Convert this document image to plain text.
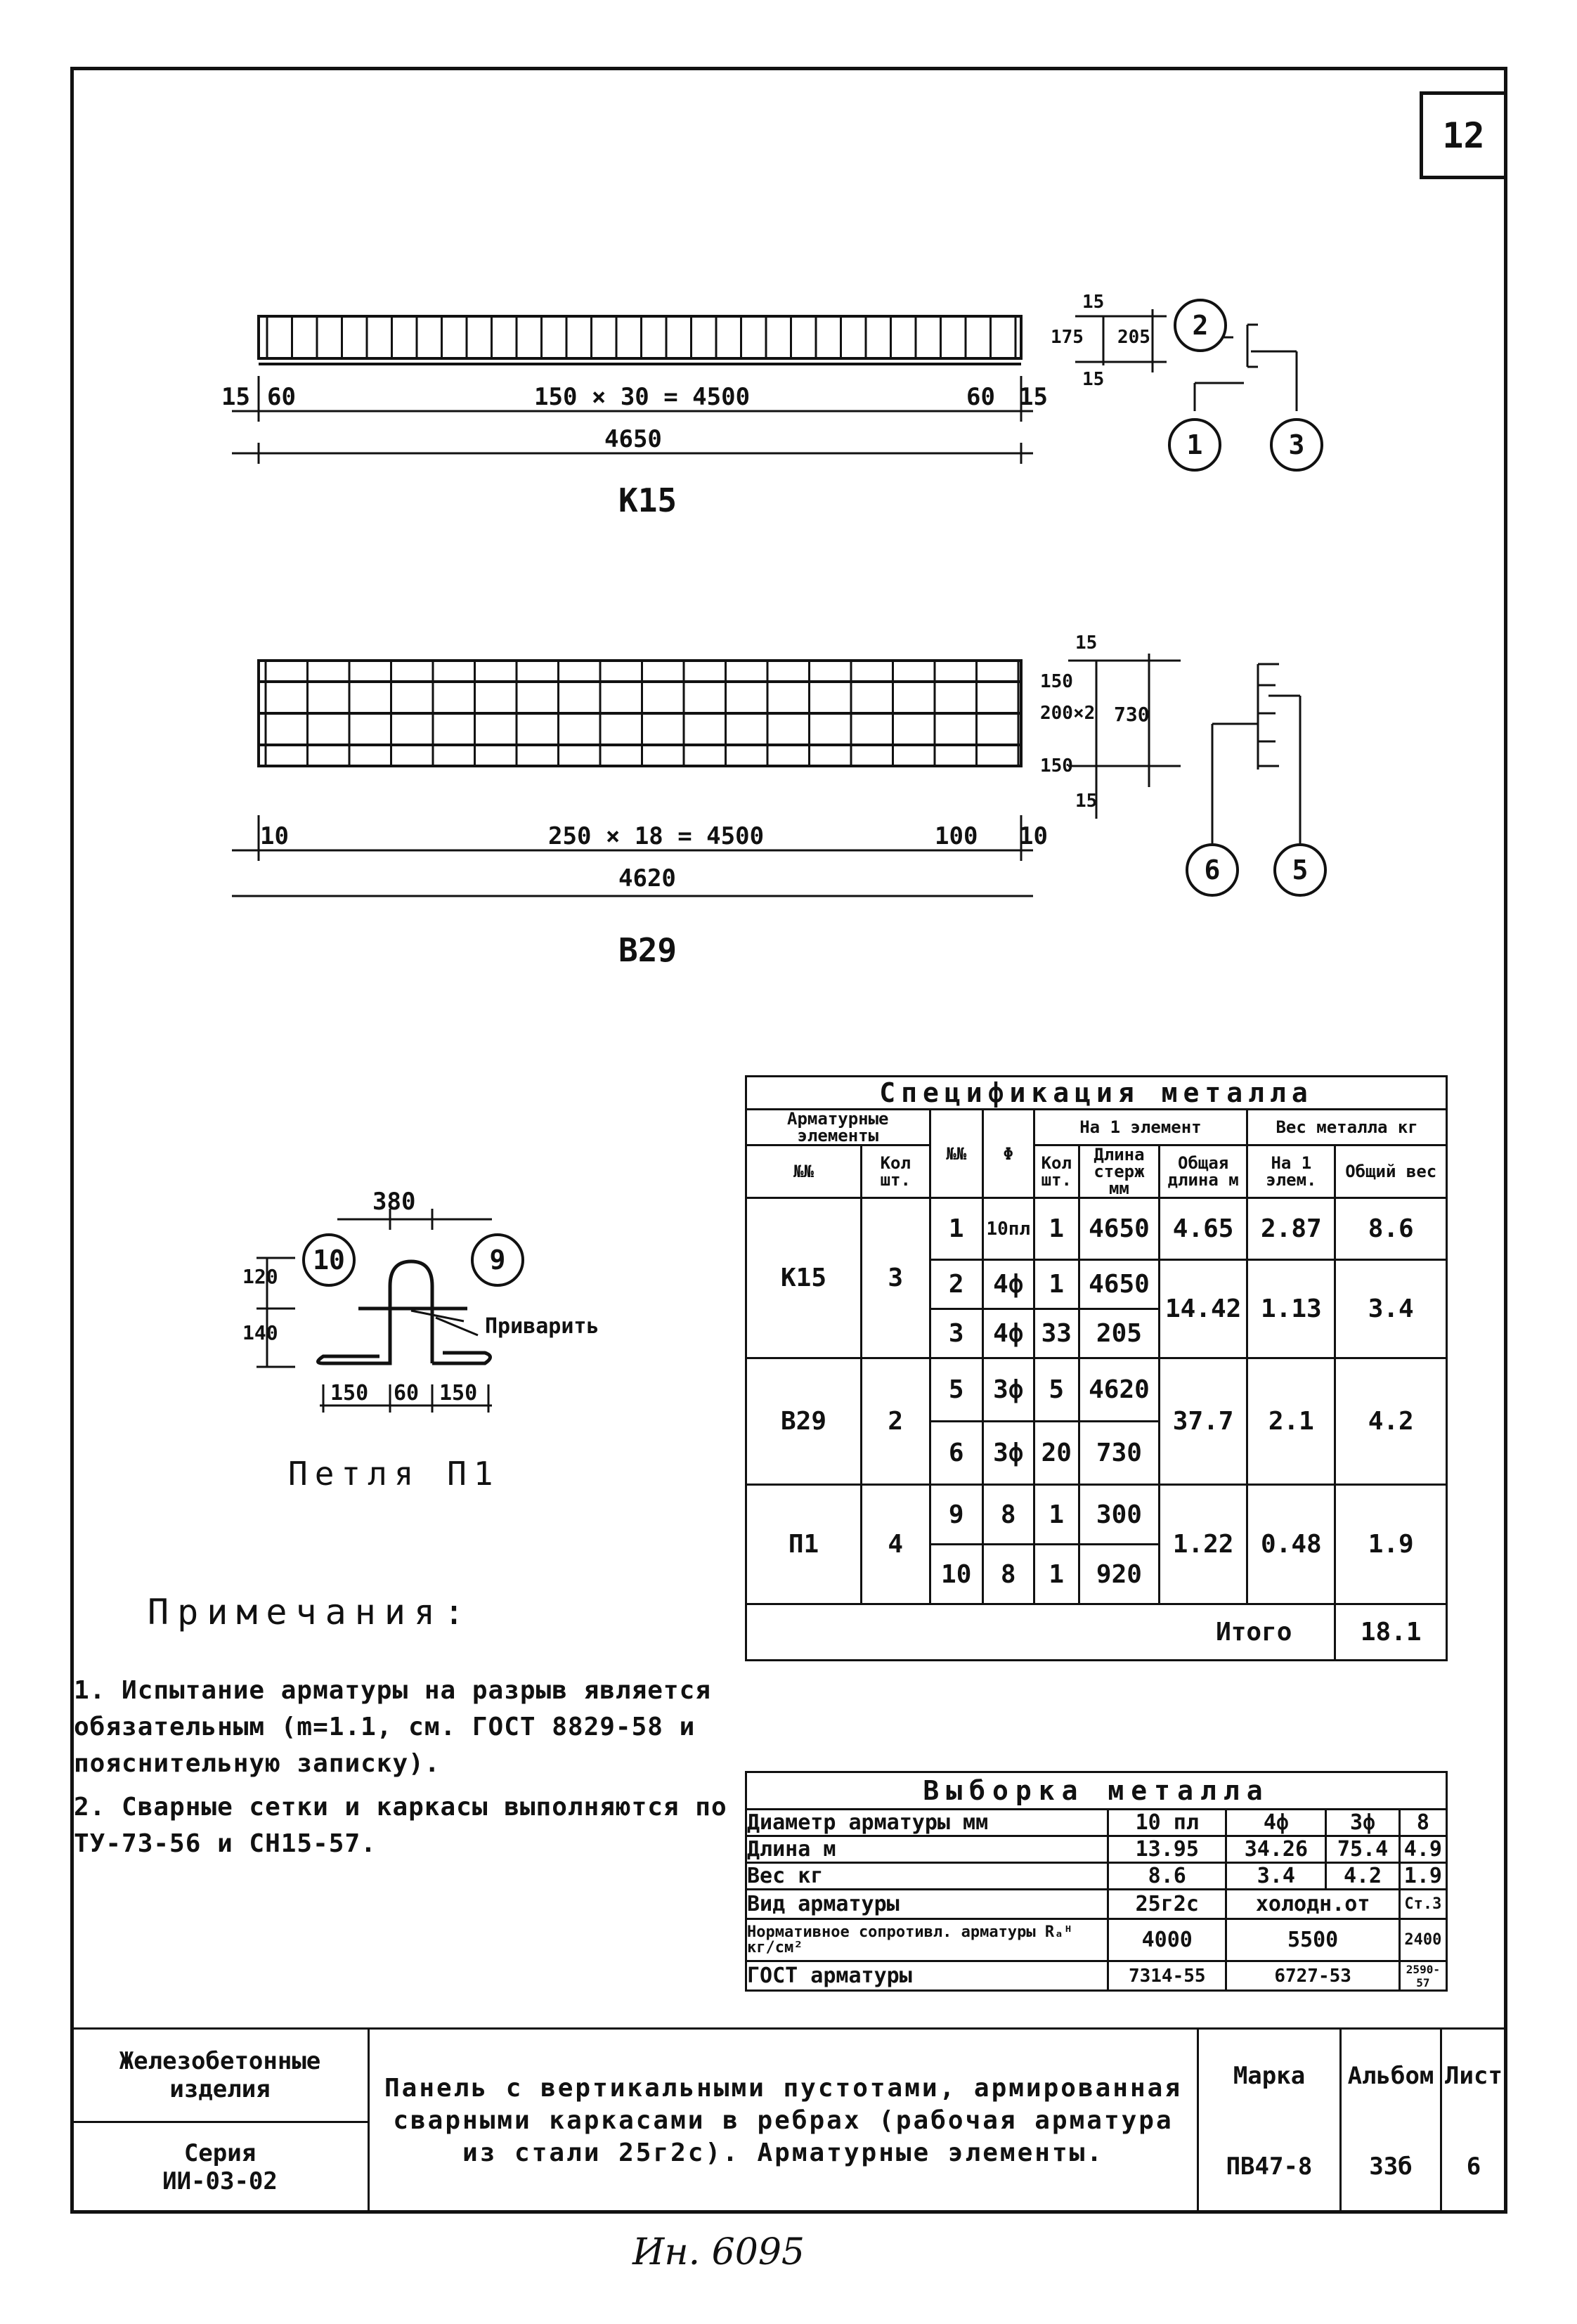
12
15 60	150 × 30 = 4500	60 15
4650
К15
15
175
15
205	2
1	3
10	250 × 18 = 4500	100 10
4620
В29
15
150
200×2
150
15
730
6	5
380
120
140
150 60 150
Приварить
10	9
Петля П1
Спецификация металла								
Арматурные элементы		№№	Φ	На 1 элемент			Вес металла кг	
№№	Кол шт.			Кол шт.	Длина стерж мм	Общая длина м	На 1 элем.	Общий вес
К15	3	1	10пл	1	4650	4.65	2.87	8.6
		2	4ф	1	4650	14.42	1.13	3.4
		3	4ф	33	205			
В29	2	5	3ф	5	4620	37.7	2.1	4.2
		6	3ф	20	730			
П1	4	9	8	1	300	1.22	0.48	1.9
		10	8	1	920			
Итого								18.1
Выборка металла				
Диаметр арматуры мм	10 пл	4ф	3ф	8
Длина м	13.95	34.26	75.4	4.9
Вес кг	8.6	3.4	4.2	1.9
Вид арматуры	25г2с	холодн.от		Ст.3
Нормативное сопротивл. арматуры Rₐᴴ кг/см²	4000	5500		2400
ГОСТ арматуры	7314-55	6727-53		2590-57
Примечания:
1. Испытание арматуры на разрыв является обязательным (m=1.1, см. ГОСТ 8829-58 и пояснительную записку).
2. Сварные сетки и каркасы выполняются по ТУ-73-56 и СН15-57.
Железобетонные изделия	Панель с вертикальными пустотами, армированная сварными каркасами в ребрах (рабочая арматура из стали 25г2с). Арматурные элементы.	Марка	Альбом	Лист

Серия
ИИ-03-02		ПВ47-8	33б	6
Ин. 6095
